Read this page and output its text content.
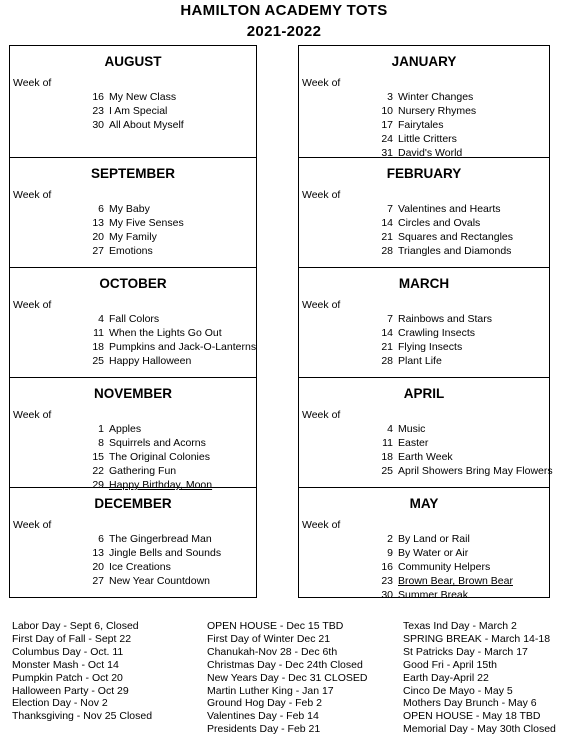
HAMILTON ACADEMY TOTS
2021-2022
AUGUST
Week of
16 My New Class
23 I Am Special
30 All About Myself
SEPTEMBER
Week of
6 My Baby
13 My Five Senses
20 My Family
27 Emotions
OCTOBER
Week of
4 Fall Colors
11 When the Lights Go Out
18 Pumpkins and Jack-O-Lanterns
25 Happy Halloween
NOVEMBER
Week of
1 Apples
8 Squirrels and Acorns
15 The Original Colonies
22 Gathering Fun
29 Happy Birthday, Moon
DECEMBER
Week of
6 The Gingerbread Man
13 Jingle Bells and Sounds
20 Ice Creations
27 New Year Countdown
JANUARY
Week of
3 Winter Changes
10 Nursery Rhymes
17 Fairytales
24 Little Critters
31 David's World
FEBRUARY
Week of
7 Valentines and Hearts
14 Circles and Ovals
21 Squares and Rectangles
28 Triangles and Diamonds
MARCH
Week of
7 Rainbows and Stars
14 Crawling Insects
21 Flying Insects
28 Plant Life
APRIL
Week of
4 Music
11 Easter
18 Earth Week
25 April Showers Bring May Flowers
MAY
Week of
2 By Land or Rail
9 By Water or Air
16 Community Helpers
23 Brown Bear, Brown Bear
30 Summer Break
Labor Day - Sept 6, Closed
First Day of Fall - Sept 22
Columbus Day - Oct. 11
Monster Mash - Oct 14
Pumpkin Patch - Oct 20
Halloween Party - Oct 29
Election Day - Nov 2
Thanksgiving - Nov 25 Closed
OPEN HOUSE - Dec 15 TBD
First Day of Winter Dec 21
Chanukah-Nov 28 - Dec 6th
Christmas Day - Dec 24th Closed
New Years Day - Dec 31 CLOSED
Martin Luther King - Jan 17
Ground Hog Day - Feb 2
Valentines Day - Feb 14
Presidents Day - Feb 21
Texas Ind Day - March 2
SPRING BREAK - March 14-18
St Patricks Day - March 17
Good Fri - April 15th
Earth Day-April 22
Cinco De Mayo - May 5
Mothers Day Brunch - May 6
OPEN HOUSE - May 18 TBD
Memorial Day - May 30th Closed
